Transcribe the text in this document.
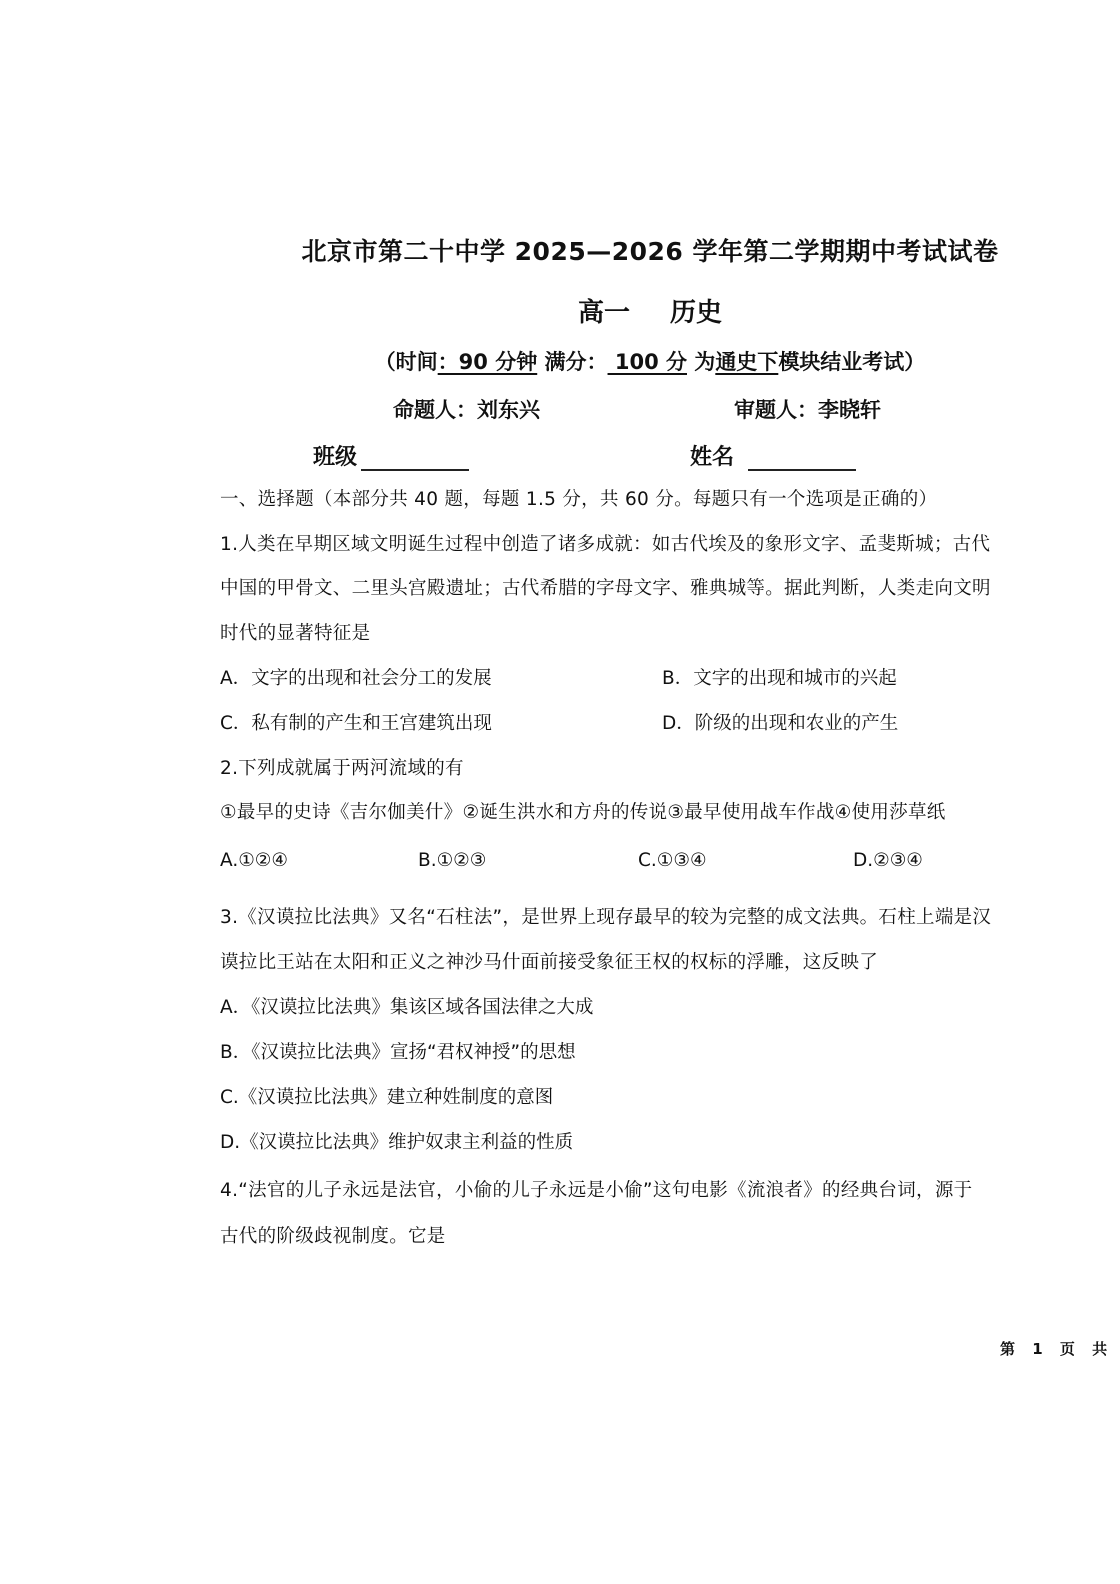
北京市第二十中学 2025—2026 学年第二学期期中考试试卷
高一 历史
（时间：90 分钟 满分： 100 分 为通史下模块结业考试）
命题人：刘东兴	审题人：李晓轩
班级	姓名
一、选择题（本部分共 40 题，每题 1.5 分，共 60 分。每题只有一个选项是正确的）
1.人类在早期区域文明诞生过程中创造了诸多成就：如古代埃及的象形文字、孟斐斯城；古代
中国的甲骨文、二里头宫殿遗址；古代希腊的字母文字、雅典城等。据此判断，人类走向文明
时代的显著特征是
A．文字的出现和社会分工的发展	B．文字的出现和城市的兴起
C．私有制的产生和王宫建筑出现	D．阶级的出现和农业的产生
2.下列成就属于两河流域的有
①最早的史诗《吉尔伽美什》②诞生洪水和方舟的传说③最早使用战车作战④使用莎草纸
A.①②④	B.①②③	C.①③④	D.②③④
3.《汉谟拉比法典》又名“石柱法”，是世界上现存最早的较为完整的成文法典。石柱上端是汉
谟拉比王站在太阳和正义之神沙马什面前接受象征王权的权标的浮雕，这反映了
A．《汉谟拉比法典》集该区域各国法律之大成
B．《汉谟拉比法典》宣扬“君权神授”的思想
C.《汉谟拉比法典》建立种姓制度的意图
D.《汉谟拉比法典》维护奴隶主利益的性质
4.“法官的儿子永远是法官，小偷的儿子永远是小偷”这句电影《流浪者》的经典台词，源于
古代的阶级歧视制度。它是
第 1 页 共
